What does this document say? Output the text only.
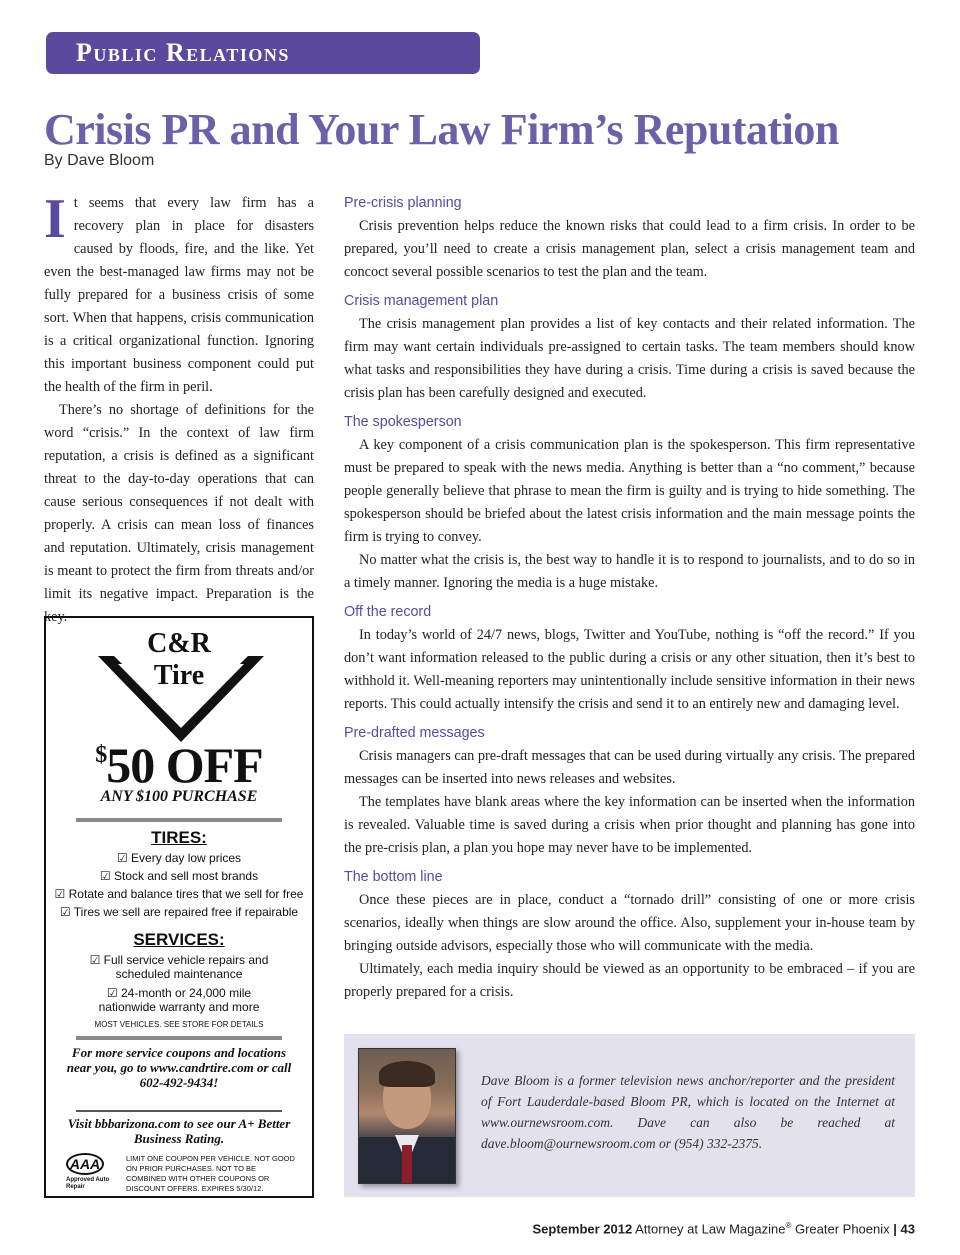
Public Relations
Crisis PR and Your Law Firm’s Reputation
By Dave Bloom

It seems that every law firm has a recovery plan in place for disasters caused by floods, fire, and the like. Yet even the best-managed law firms may not be fully prepared for a business crisis of some sort. When that happens, crisis communication is a critical organizational function. Ignoring this important business component could put the health of the firm in peril.

There’s no shortage of definitions for the word “crisis.” In the context of law firm reputation, a crisis is defined as a significant threat to the day-to-day operations that can cause serious consequences if not dealt with properly. A crisis can mean loss of finances and reputation. Ultimately, crisis management is meant to protect the firm from threats and/or limit its negative impact. Preparation is the key.

Pre-crisis planning

Crisis prevention helps reduce the known risks that could lead to a firm crisis. In order to be prepared, you’ll need to create a crisis management plan, select a crisis management team and concoct several possible scenarios to test the plan and the team.

Crisis management plan

The crisis management plan provides a list of key contacts and their related information. The firm may want certain individuals pre-assigned to certain tasks. The team members should know what tasks and responsibilities they have during a crisis. Time during a crisis is saved because the crisis plan has been carefully designed and executed.

The spokesperson

A key component of a crisis communication plan is the spokesperson. This firm representative must be prepared to speak with the news media. Anything is better than a “no comment,” because people generally believe that phrase to mean the firm is guilty and is trying to hide something. The spokesperson should be briefed about the latest crisis information and the main message points the firm is trying to convey.

No matter what the crisis is, the best way to handle it is to respond to journalists, and to do so in a timely manner. Ignoring the media is a huge mistake.

Off the record

In today’s world of 24/7 news, blogs, Twitter and YouTube, nothing is “off the record.” If you don’t want information released to the public during a crisis or any other situation, then it’s best to withhold it. Well-meaning reporters may unintentionally include sensitive information in their news reports. This could actually intensify the crisis and send it to an entirely new and damaging level.

Pre-drafted messages

Crisis managers can pre-draft messages that can be used during virtually any crisis. The prepared messages can be inserted into news releases and websites.

The templates have blank areas where the key information can be inserted when the information is revealed. Valuable time is saved during a crisis when prior thought and planning has gone into the pre-crisis plan, a plan you hope may never have to be implemented.

The bottom line

Once these pieces are in place, conduct a “tornado drill” consisting of one or more crisis scenarios, ideally when things are slow around the office. Also, supplement your in-house team by bringing outside advisors, especially those who will communicate with the media.

Ultimately, each media inquiry should be viewed as an opportunity to be embraced – if you are properly prepared for a crisis.

C&R
Tire
$50 OFF
ANY $100 PURCHASE
TIRES:
☑ Every day low prices
☑ Stock and sell most brands
☑ Rotate and balance tires that we sell for free
☑ Tires we sell are repaired free if repairable
SERVICES:
☑ Full service vehicle repairs and
scheduled maintenance
☑ 24-month or 24,000 mile
nationwide warranty and more
MOST VEHICLES. SEE STORE FOR DETAILS
For more service coupons and locations near you, go to www.candrtire.com or call 602-492-9434!
Visit bbbarizona.com to see our A+ Better Business Rating.
AAA
Approved Auto Repair
LIMIT ONE COUPON PER VEHICLE. NOT GOOD ON PRIOR PURCHASES. NOT TO BE COMBINED WITH OTHER COUPONS OR DISCOUNT OFFERS. EXPIRES 5/30/12.
Dave Bloom is a former television news anchor/reporter and the president of Fort Lauderdale-based Bloom PR, which is located on the Internet at www.ournewsroom.com. Dave can also be reached at dave.bloom@ournewsroom.com or (954) 332-2375.
September 2012 Attorney at Law Magazine® Greater Phoenix | 43
